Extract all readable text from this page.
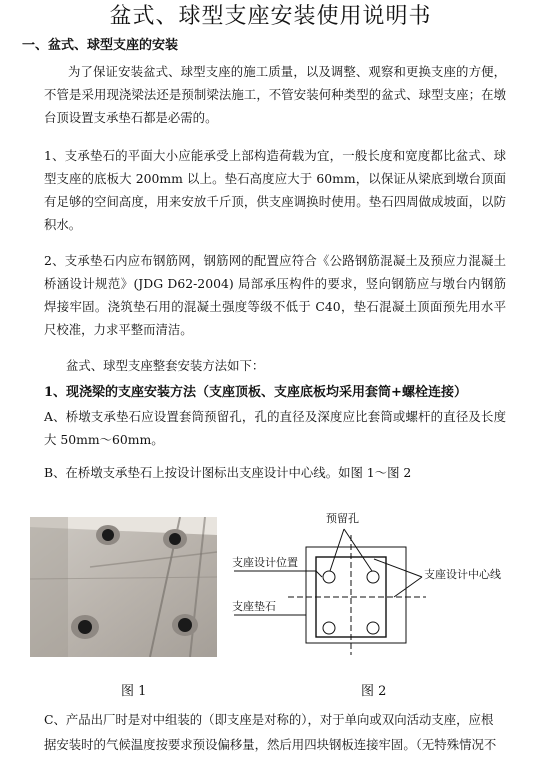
盆式、球型支座安装使用说明书
一、盆式、球型支座的安装
为了保证安装盆式、球型支座的施工质量，以及调整、观察和更换支座的方便，不管是采用现浇梁法还是预制梁法施工，不管安装何种类型的盆式、球型支座；在墩台顶设置支承垫石都是必需的。
1、支承垫石的平面大小应能承受上部构造荷载为宜，一般长度和宽度都比盆式、球型支座的底板大 200mm 以上。垫石高度应大于 60mm，以保证从梁底到墩台顶面有足够的空间高度，用来安放千斤顶，供支座调换时使用。垫石四周做成坡面，以防积水。
2、支承垫石内应布钢筋网，钢筋网的配置应符合《公路钢筋混凝土及预应力混凝土桥涵设计规范》(JDG D62-2004) 局部承压构件的要求，竖向钢筋应与墩台内钢筋焊接牢固。浇筑垫石用的混凝土强度等级不低于 C40，垫石混凝土顶面预先用水平尺校准，力求平整而清洁。
盆式、球型支座整套安装方法如下：
1、现浇梁的支座安装方法（支座顶板、支座底板均采用套筒+螺栓连接）
A、桥墩支承垫石应设置套筒预留孔，孔的直径及深度应比套筒或螺杆的直径及长度大 50mm～60mm。
B、在桥墩支承垫石上按设计图标出支座设计中心线。如图 1～图 2
图 1
预留孔
支座设计位置
支座设计中心线
支座垫石
图 2
C、产品出厂时是对中组装的（即支座是对称的），对于单向或双向活动支座，应根
据安装时的气候温度按要求预设偏移量，然后用四块钢板连接牢固。（无特殊情况不
